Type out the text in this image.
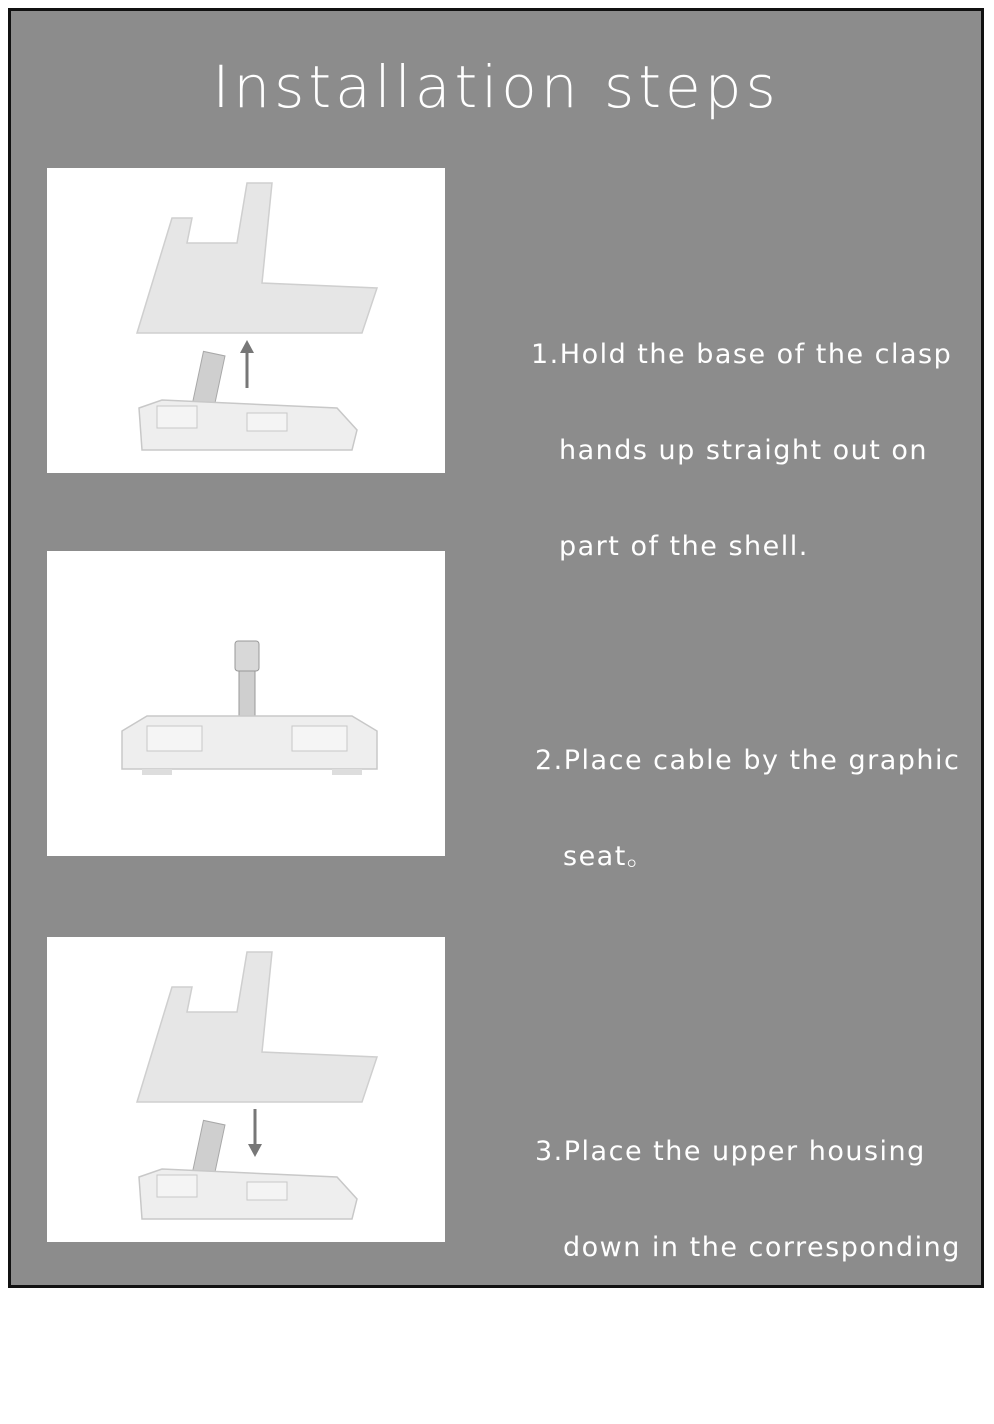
Installation steps

1.Hold the base of the clasp

hands up straight out on

part of the shell.

2.Place cable by the graphic

seat。

3.Place the upper housing

down in the corresponding

position。
